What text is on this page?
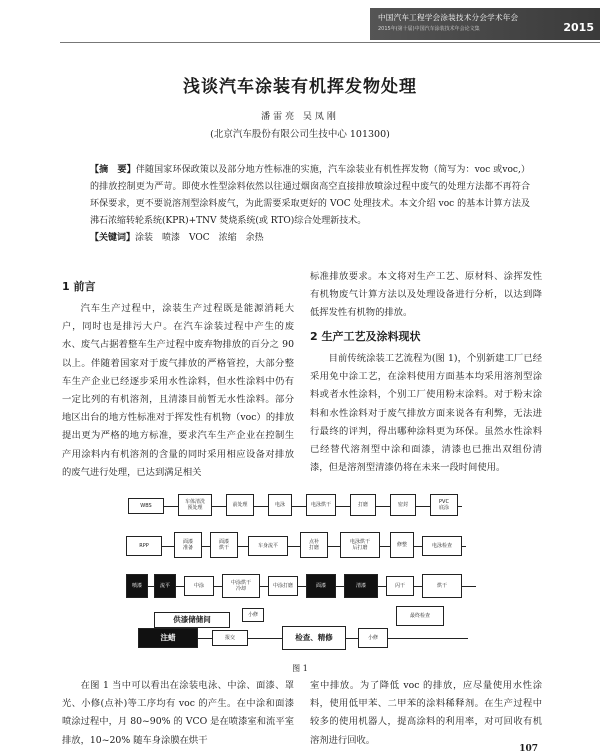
中国汽车工程学会涂装技术分会学术年会
2015年(第十届)中国汽车涂装技术年会论文集	2015
浅谈汽车涂装有机挥发物处理
潘雷亮 吴凤刚
(北京汽车股份有限公司生技中心 101300)

【摘　要】伴随国家环保政策以及部分地方性标准的实施，汽车涂装业有机性挥发物（简写为：voc 或voc,）的排放控制更为严苛。即使水性型涂料依然以往通过烟囱高空直接排放喷涂过程中废气的处理方法都不再符合环保要求，更不要说溶剂型涂料废气，为此需要采取更好的 VOC 处理技术。本文介绍 voc 的基本计算方法及沸石浓缩转轮系统(KPR)+TNV 焚烧系统(或 RTO)综合处理新技术。

【关键词】涂装　喷漆　VOC　浓缩　余热

1 前言

汽车生产过程中，涂装生产过程既是能源消耗大户，同时也是排污大户。在汽车涂装过程中产生的废水、废气占据着整车生产过程中废弃物排放的百分之 90 以上。伴随着国家对于废气排放的严格管控，大部分整车生产企业已经逐步采用水性涂料，但水性涂料中仍有一定比列的有机溶剂，且清漆目前暂无水性涂料。部分地区出台的地方性标准对于挥发性有机物（voc）的排放提出更为严格的地方标准，要求汽车生产企业在控制生产用涂料内有机溶剂的含量的同时采用相应设备对排放的废气进行处理，已达到满足相关

标准排放要求。本文将对生产工艺、原材料、涂挥发性有机物废气计算方法以及处理设备进行分析，以达到降低挥发性有机物的排放。

2 生产工艺及涂料现状

目前传统涂装工艺流程为(图 1)，个别新建工厂已经采用免中涂工艺，在涂料使用方面基本均采用溶剂型涂料或者水性涂料，个别工厂使用粉末涂料。对于粉末涂料和水性涂料对于废气排放方面来说各有利弊，无法进行最终的评判，得出哪种涂料更为环保。虽然水性涂料已经替代溶剂型中涂和面漆，清漆也已推出双组份清漆，但是溶剂型清漆仍将在未来一段时间使用。

WBS
车体清洗
预处理	前处理	电泳	电泳烘干	打磨	密封	PVC
底涂
RPP
面漆
准备
面漆
烘干	车身流平
点补
打磨
电泳烘干
后打磨	修整	电泳检查
喷漆	流平	中涂	中涂烘干
冷却	中涂打磨	面漆	清漆	闪干	烘干
供漆储储间	小修	最终检查
注蜡	报交	检查、精修	小修
图 1

在图 1 当中可以看出在涂装电泳、中涂、面漆、罩光、小修(点补)等工序均有 voc 的产生。在中涂和面漆喷涂过程中，月 80~90% 的 VCO 是在喷漆室和流平室排放，10~20% 随车身涂膜在烘干

室中排放。为了降低 voc 的排放，应尽量使用水性涂料，使用低甲苯、二甲苯的涂料稀释剂。在生产过程中较多的使用机器人，提高涂料的利用率，对可回收有机溶剂进行回收。

107
